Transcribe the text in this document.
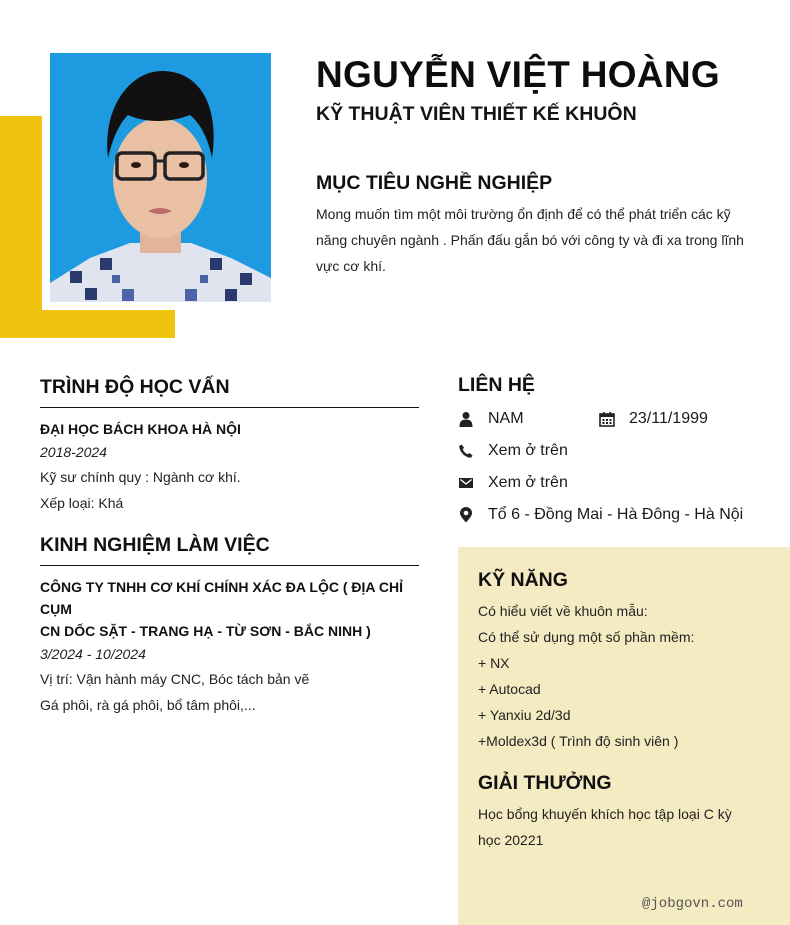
NGUYỄN VIỆT HOÀNG
KỸ THUẬT VIÊN THIẾT KẾ KHUÔN
MỤC TIÊU NGHỀ NGHIỆP
Mong muốn tìm một môi trường ổn định để có thể phát triển các kỹ
năng chuyên ngành . Phấn đấu gắn bó với công ty và đi xa trong lĩnh
vực cơ khí.
TRÌNH ĐỘ HỌC VẤN
ĐẠI HỌC BÁCH KHOA HÀ NỘI
2018-2024
Kỹ sư chính quy : Ngành cơ khí.
Xếp loại: Khá
KINH NGHIỆM LÀM VIỆC
CÔNG TY TNHH CƠ KHÍ CHÍNH XÁC ĐA LỘC ( ĐỊA CHỈ CỤM
CN DỐC SẶT - TRANG HẠ - TỪ SƠN - BẮC NINH )
3/2024 - 10/2024
Vị trí: Vận hành máy CNC, Bóc tách bản vẽ
Gá phôi, rà gá phôi, bổ tâm phôi,...
LIÊN HỆ
NAM	23/11/1999
Xem ở trên
Xem ở trên
Tổ 6 - Đồng Mai - Hà Đông - Hà Nội
KỸ NĂNG
Có hiểu viết về khuôn mẫu:
Có thể sử dụng một số phần mềm:
+ NX
+ Autocad
+ Yanxiu 2d/3d
+Moldex3d ( Trình độ sinh viên )
GIẢI THƯỞNG
Học bổng khuyến khích học tập loại C kỳ
học 20221
@jobgovn.com
